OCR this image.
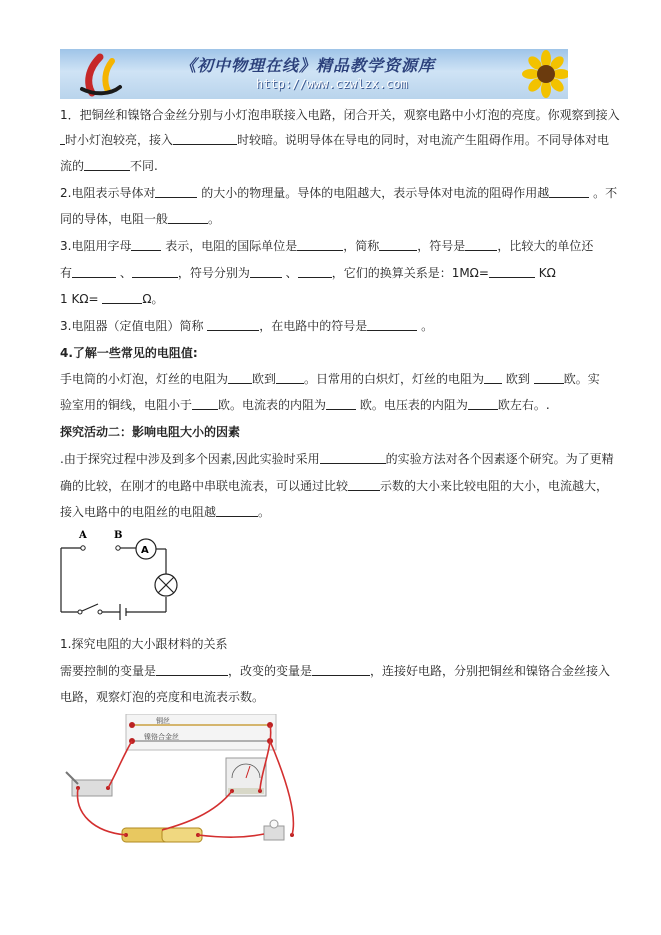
《初中物理在线》精品教学资源库
http://www.czwlzx.com
1．把铜丝和镍铬合金丝分别与小灯泡串联接入电路，闭合开关，观察电路中小灯泡的亮度。你观察到接入
时小灯泡较亮，接入	时较暗。说明导体在导电的同时，对电流产生阻碍作用。不同导体对电
流的	不同.
2.电阻表示导体对	的大小的物理量。导体的电阻越大，表示导体对电流的阻碍作用越	。不
同的导体，电阻一般	。
3.电阻用字母	表示，电阻的国际单位是	，简称	，符号是	，比较大的单位还
有	、	，符号分别为	、	，它们的换算关系是：1MΩ=	KΩ
1 KΩ=	Ω。
3.电阻器（定值电阻）简称	，在电路中的符号是	。
4.了解一些常见的电阻值:
手电筒的小灯泡，灯丝的电阻为 欧到 。日常用的白炽灯，灯丝的电阻为 欧到	欧。实
验室用的铜线，电阻小于 欧。电流表的内阻为	欧。电压表的内阻为	欧左右。.
探究活动二：影响电阻大小的因素
.由于探究过程中涉及到多个因素,因此实验时采用	的实验方法对各个因素逐个研究。为了更精
确的比较，在刚才的电路中串联电流表，可以通过比较	示数的大小来比较电阻的大小，电流越大，
接入电路中的电阻丝的电阻越	。
A	B
A
1.探究电阻的大小跟材料的关系
需要控制的变量是	，改变的变量是	，连接好电路，分别把铜丝和镍铬合金丝接入
电路，观察灯泡的亮度和电流表示数。
铜丝
镍铬合金丝
